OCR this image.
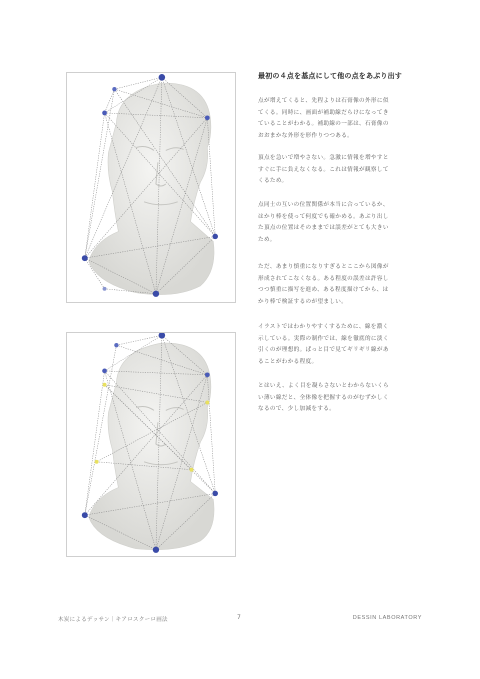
最初の４点を基点にして他の点をあぶり出す
点が増えてくると、先程よりは石膏像の外形に似
てくる。同時に、画面が補助線だらけになってき
ていることがわかる。補助線の一部は、石膏像の
おおまかな外形を形作りつつある。
頂点を急いで増やさない。急激に情報を増やすと
すぐに手に負えなくなる。これは情報が観察して
くるため。
点同士の互いの位置関係が本当に合っているか、
はかり棒を使って何度でも確かめる。あぶり出し
た頂点の位置はそのままでは誤差がとても大きい
ため。
ただ、あまり慎重になりすぎるとここから図像が
形成されてこなくなる。ある程度の誤差は許容し
つつ慎重に描写を進め、ある程度描けてから、は
かり棒で検証するのが望ましい。
イラストではわかりやすくするために、線を濃く
示している。実際の制作では、線を徹底的に淡く
引くのが理想的。ぱっと目で見てギリギリ線があ
ることがわかる程度。
とはいえ、よく目を凝らさないとわからないくら
い薄い線だと、全体像を把握するのがむずかしく
なるので、少し加減をする。
木炭によるデッサン｜キアロスクーロ画法	7	DESSIN LABORATORY
